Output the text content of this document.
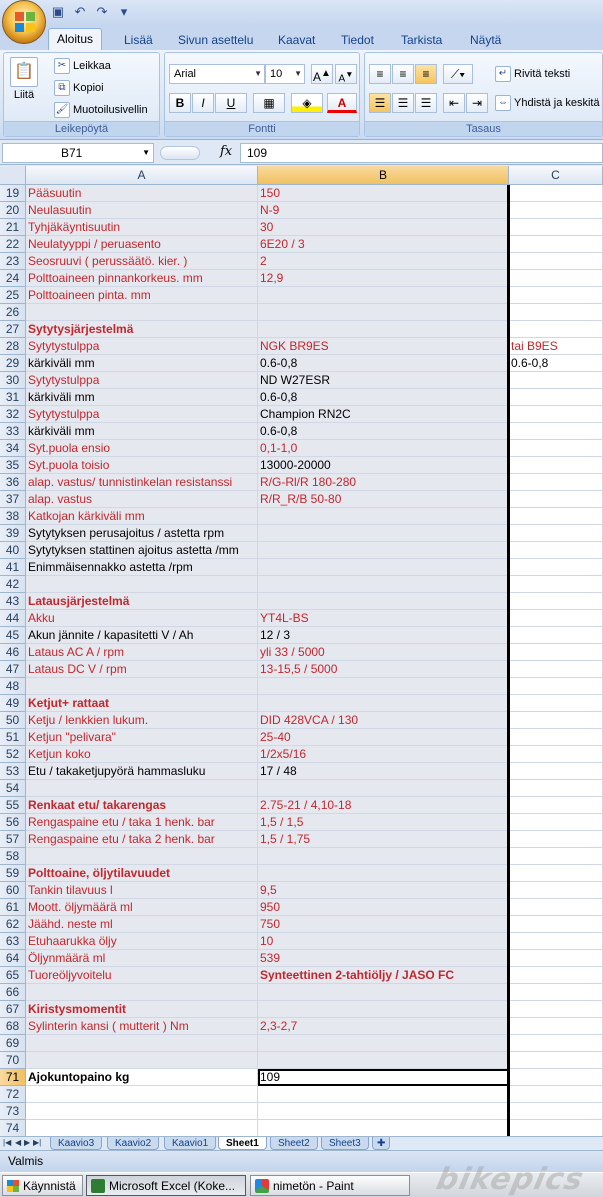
▣ ↶ ↷	▾
Aloitus	Lisää	Sivun asettelu	Kaavat	Tiedot	Tarkista	Näytä
📋
Liitä
✂ Leikkaa
⧉ Kopioi
🖌 Muotoilusivellin
Leikepöytä
Arial	▼ 10 ▼ A▲ A▼
B	I	U	▦	◈	A
Fontti
≡	≡	≡	⟋▾
☰	☰	☰	⇤	⇥
↵ Rivitä teksti
⇔ Yhdistä ja keskitä
Tasaus
B71	▼	fx	109
A	B	C
19 Pääsuutin	150
20 Neulasuutin	N-9
21 Tyhjäkäyntisuutin	30
22 Neulatyyppi / peruasento	6E20 / 3
23 Seosruuvi ( perussäätö. kier. )	2
24 Polttoaineen pinnankorkeus. mm	12,9
25 Polttoaineen pinta. mm
26
27 Sytytysjärjestelmä
28 Sytytystulppa	NGK BR9ES	tai B9ES
29 kärkiväli mm	0.6-0,8	0.6-0,8
30 Sytytystulppa	ND W27ESR
31 kärkiväli mm	0.6-0,8
32 Sytytystulppa	Champion RN2C
33 kärkiväli mm	0.6-0,8
34 Syt.puola ensio	0,1-1,0
35 Syt.puola toisio	13000-20000
36 alap. vastus/ tunnistinkelan resistanssi	R/G-Rl/R 180-280
37 alap. vastus	R/R_R/B 50-80
38 Katkojan kärkiväli mm
39 Sytytyksen perusajoitus / astetta rpm
40 Sytytyksen stattinen ajoitus astetta /mm
41 Enimmäisennakko astetta /rpm
42
43 Latausjärjestelmä
44 Akku	YT4L-BS
45 Akun jännite / kapasitetti V / Ah	12 / 3
46 Lataus AC A / rpm	yli 33 / 5000
47 Lataus DC V / rpm	13-15,5 / 5000
48
49 Ketjut+ rattaat
50 Ketju / lenkkien lukum.	DID 428VCA / 130
51 Ketjun "pelivara"	25-40
52 Ketjun koko	1/2x5/16
53 Etu / takaketjupyörä hammasluku	17 / 48
54
55 Renkaat etu/ takarengas	2.75-21 / 4,10-18
56 Rengaspaine etu / taka 1 henk. bar	1,5 / 1,5
57 Rengaspaine etu / taka 2 henk. bar	1,5 / 1,75
58
59 Polttoaine, öljytilavuudet
60 Tankin tilavuus l	9,5
61 Moott. öljymäärä ml	950
62 Jäähd. neste ml	750
63 Etuhaarukka öljy	10
64 Öljynmäärä ml	539
65 Tuoreöljyvoitelu	Synteettinen 2-tahtiöljy / JASO FC
66
67 Kiristysmomentit
68 Sylinterin kansi ( mutterit ) Nm	2,3-2,7
69
70
71 Ajokuntopaino kg	109
72
73
74
|◀ ◀ ▶ ▶|	Kaavio3	Kaavio2	Kaavio1	Sheet1	Sheet2	Sheet3	✚
Valmis
Käynnistä	Microsoft Excel (Koke...	nimetön - Paint	bikepics
